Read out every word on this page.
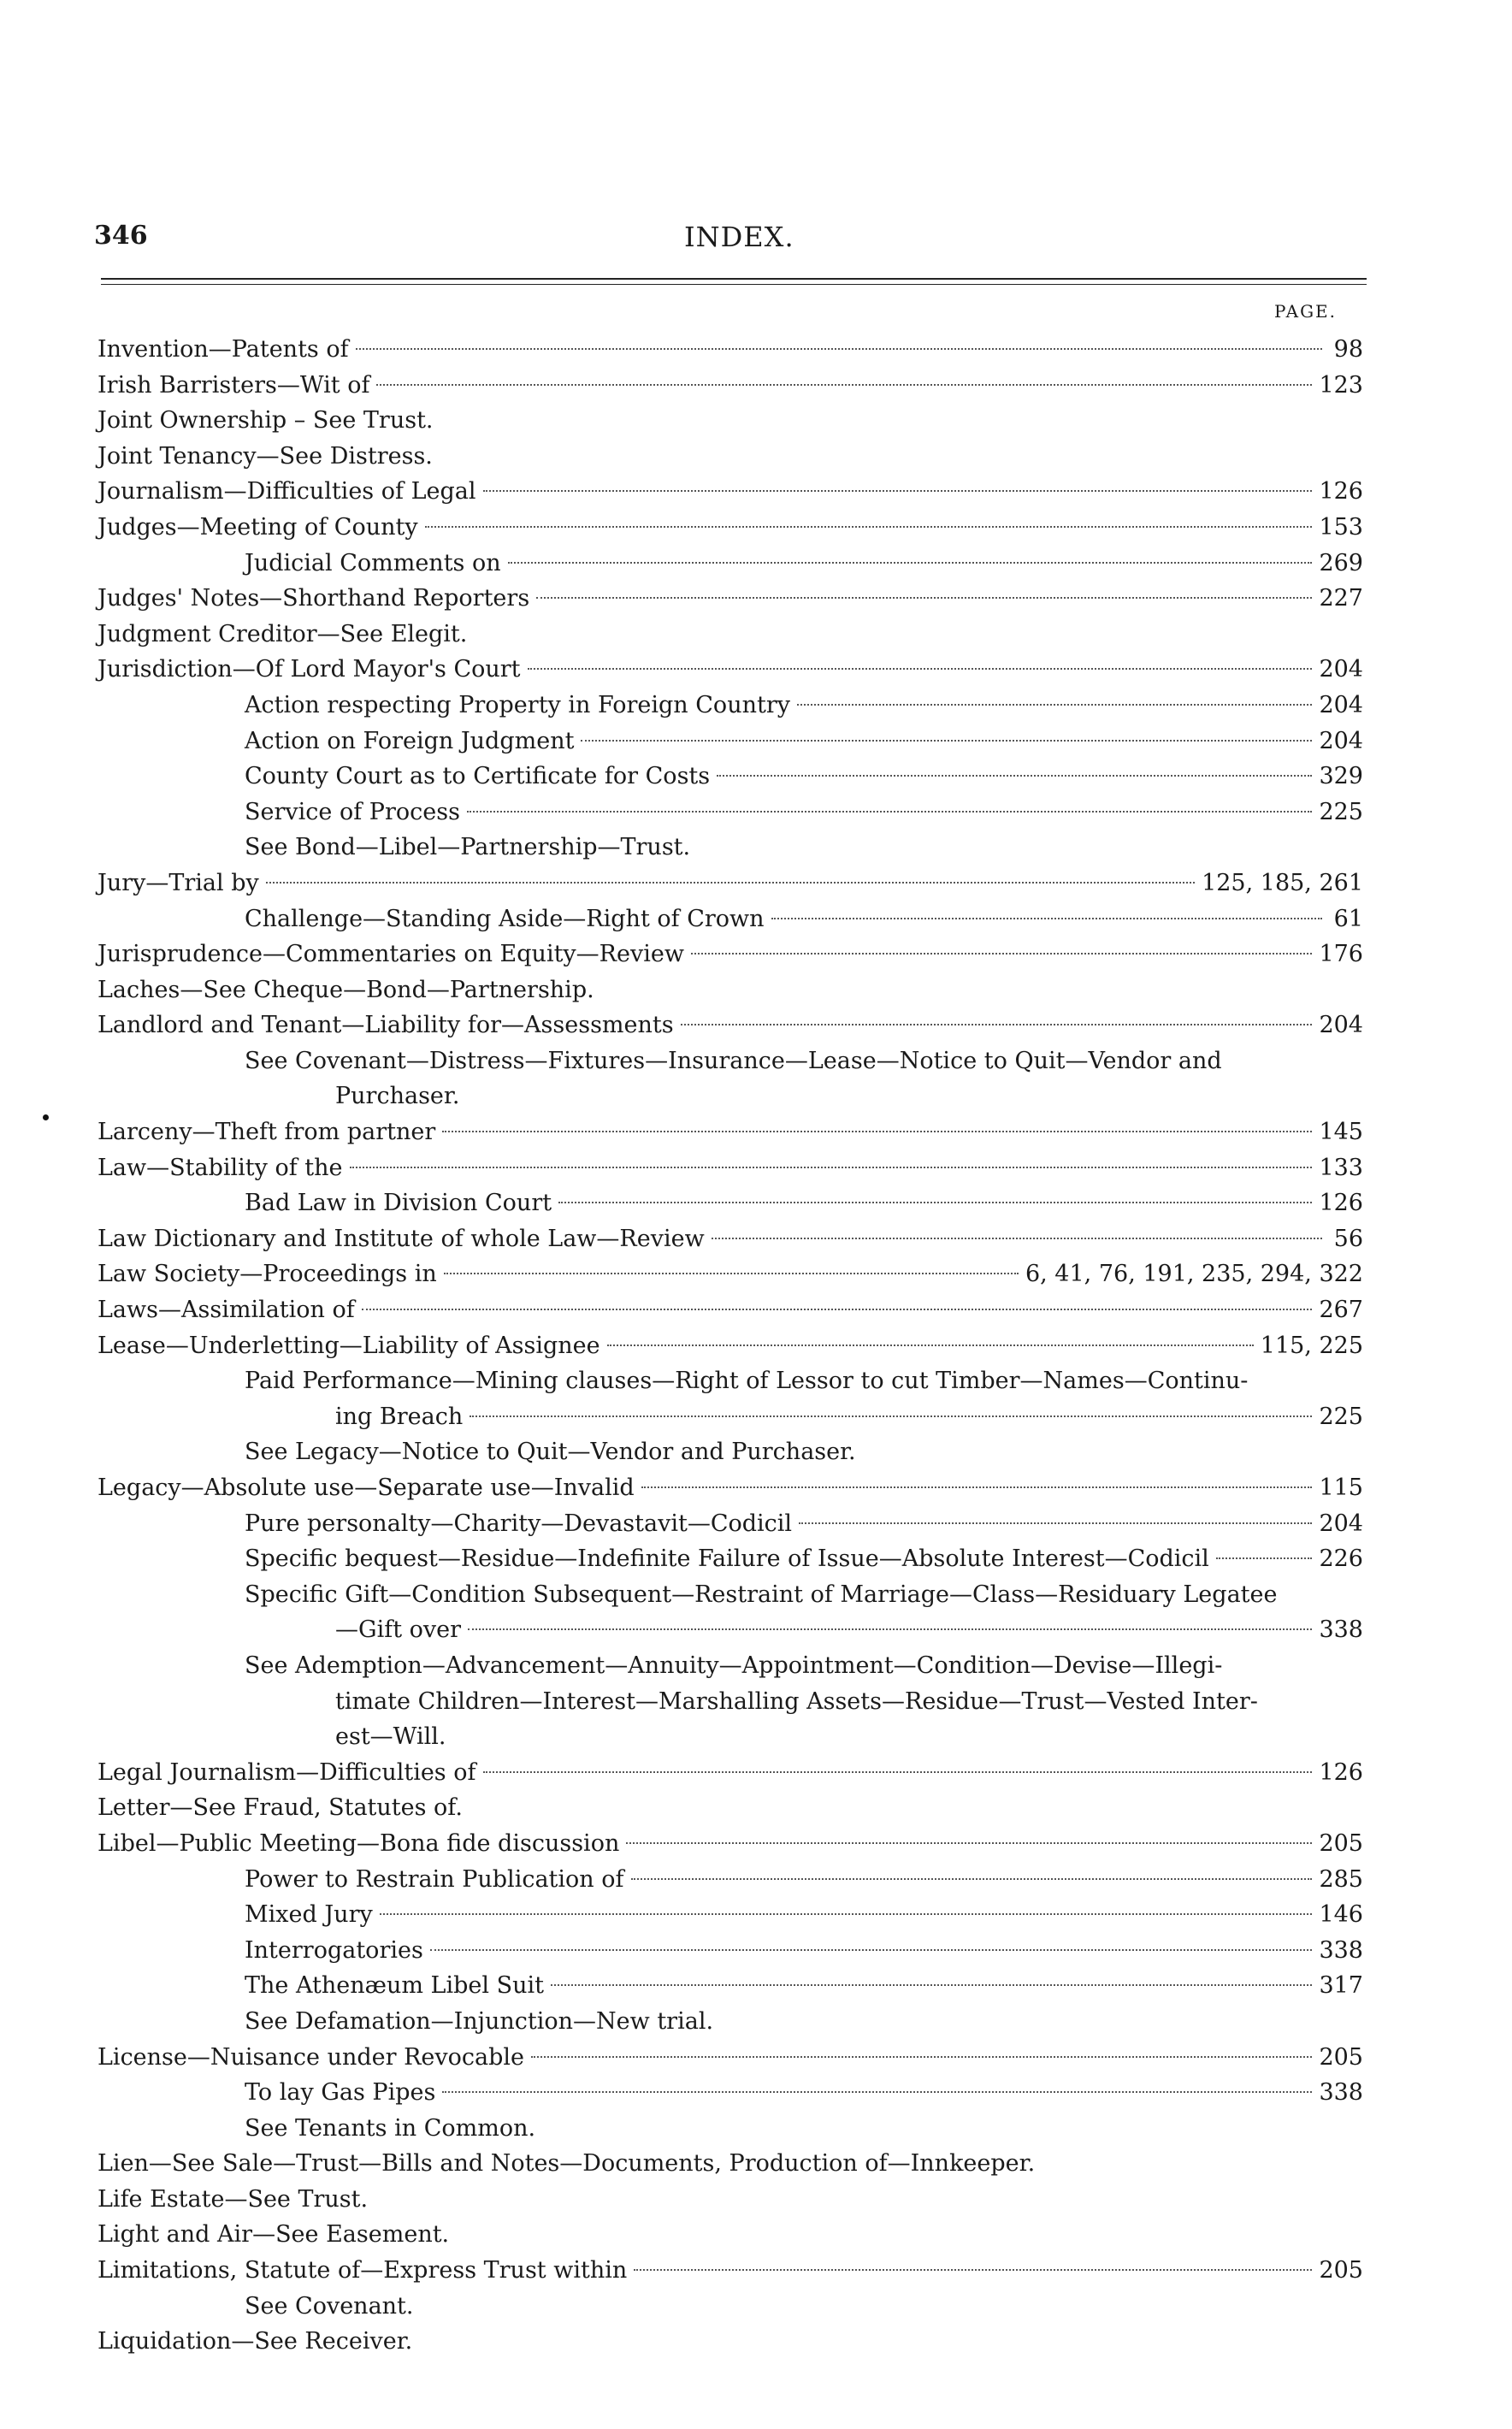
346	INDEX.
PAGE.
Invention—Patents of	98
Irish Barristers—Wit of	123
Joint Ownership – See Trust.
Joint Tenancy—See Distress.
Journalism—Difficulties of Legal	126
Judges—Meeting of County	153
Judicial Comments on	269
Judges' Notes—Shorthand Reporters	227
Judgment Creditor—See Elegit.
Jurisdiction—Of Lord Mayor's Court	204
Action respecting Property in Foreign Country	204
Action on Foreign Judgment	204
County Court as to Certificate for Costs	329
Service of Process	225
See Bond—Libel—Partnership—Trust.
Jury—Trial by	125, 185, 261
Challenge—Standing Aside—Right of Crown	61
Jurisprudence—Commentaries on Equity—Review	176
Laches—See Cheque—Bond—Partnership.
Landlord and Tenant—Liability for—Assessments	204
See Covenant—Distress—Fixtures—Insurance—Lease—Notice to Quit—Vendor and
Purchaser.
Larceny—Theft from partner	145
Law—Stability of the	133
Bad Law in Division Court	126
Law Dictionary and Institute of whole Law—Review	56
Law Society—Proceedings in	6, 41, 76, 191, 235, 294, 322
Laws—Assimilation of	267
Lease—Underletting—Liability of Assignee	115, 225
Paid Performance—Mining clauses—Right of Lessor to cut Timber—Names—Continu-
ing Breach	225
See Legacy—Notice to Quit—Vendor and Purchaser.
Legacy—Absolute use—Separate use—Invalid	115
Pure personalty—Charity—Devastavit—Codicil	204
Specific bequest—Residue—Indefinite Failure of Issue—Absolute Interest—Codicil	226
Specific Gift—Condition Subsequent—Restraint of Marriage—Class—Residuary Legatee
—Gift over	338
See Ademption—Advancement—Annuity—Appointment—Condition—Devise—Illegi-
timate Children—Interest—Marshalling Assets—Residue—Trust—Vested Inter-
est—Will.
Legal Journalism—Difficulties of	126
Letter—See Fraud, Statutes of.
Libel—Public Meeting—Bona fide discussion	205
Power to Restrain Publication of	285
Mixed Jury	146
Interrogatories	338
The Athenæum Libel Suit	317
See Defamation—Injunction—New trial.
License—Nuisance under Revocable	205
To lay Gas Pipes	338
See Tenants in Common.
Lien—See Sale—Trust—Bills and Notes—Documents, Production of—Innkeeper.
Life Estate—See Trust.
Light and Air—See Easement.
Limitations, Statute of—Express Trust within	205
See Covenant.
Liquidation—See Receiver.
